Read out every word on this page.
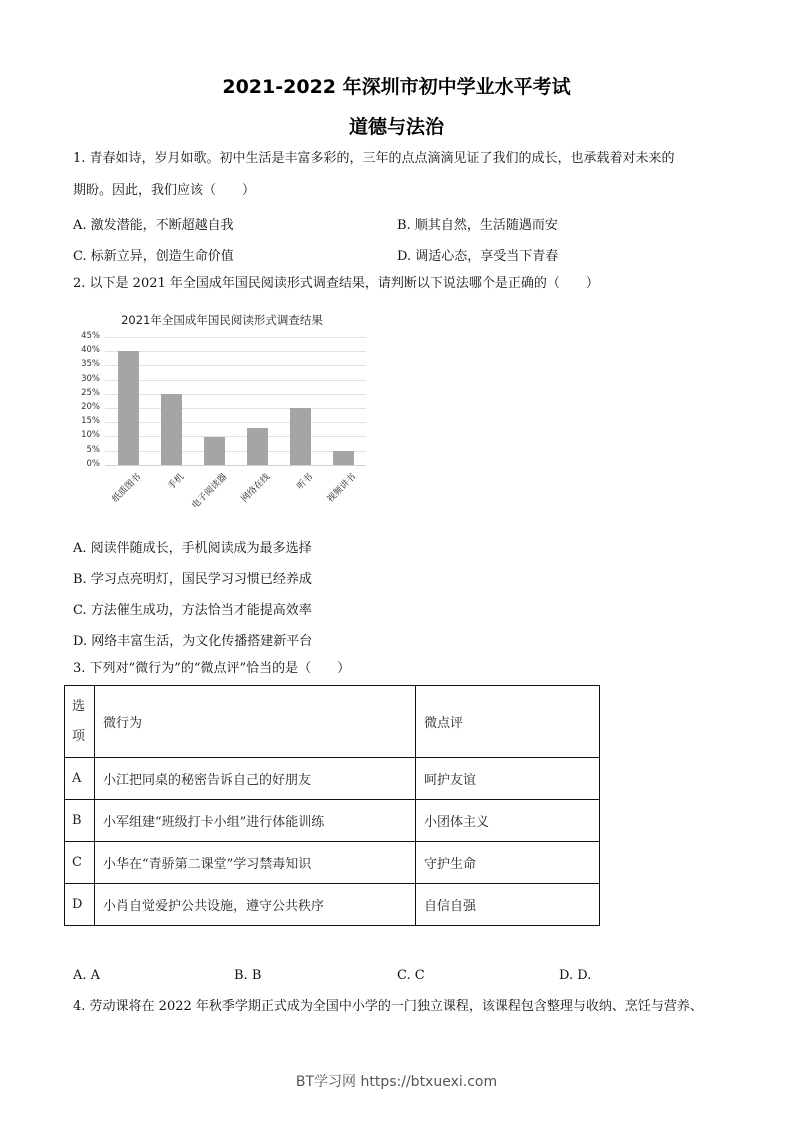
2021-2022 年深圳市初中学业水平考试
道德与法治
1. 青春如诗，岁月如歌。初中生活是丰富多彩的，三年的点点滴滴见证了我们的成长，也承载着对未来的
期盼。因此，我们应该（　　）
A. 激发潜能，不断超越自我	B. 顺其自然，生活随遇而安
C. 标新立异，创造生命价值	D. 调适心态，享受当下青春
2. 以下是 2021 年全国成年国民阅读形式调查结果，请判断以下说法哪个是正确的（　　）
2021年全国成年国民阅读形式调查结果
45%
40%
35%
30%
25%
20%
15%
10%
5%
0%
纸质图书	手机 电子阅读器 网络在线	听书 视频讲书
A. 阅读伴随成长，手机阅读成为最多选择
B. 学习点亮明灯，国民学习习惯已经养成
C. 方法催生成功，方法恰当才能提高效率
D. 网络丰富生活，为文化传播搭建新平台
3. 下列对“微行为”的“微点评”恰当的是（　　）
选
项	微行为	微点评
A	小江把同桌的秘密告诉自己的好朋友	呵护友谊
B	小军组建“班级打卡小组”进行体能训练	小团体主义
C	小华在“青骄第二课堂”学习禁毒知识	守护生命
D	小肖自觉爱护公共设施，遵守公共秩序	自信自强
A. A	B. B	C. C	D. D.
4. 劳动课将在 2022 年秋季学期正式成为全国中小学的一门独立课程，该课程包含整理与收纳、烹饪与营养、
BT学习网 https://btxuexi.com
